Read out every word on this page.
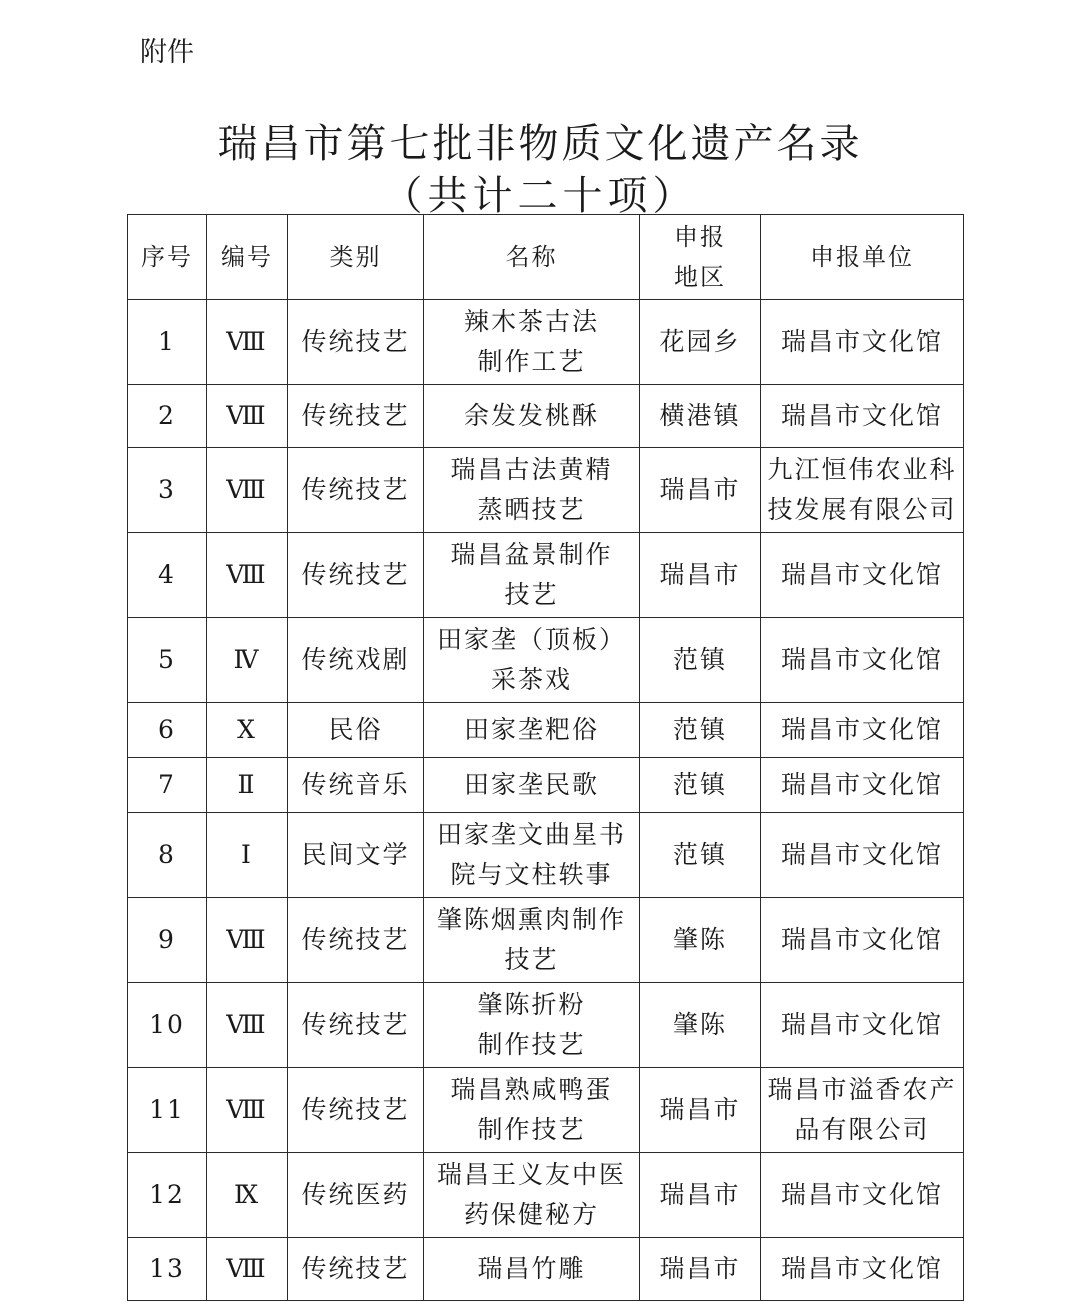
附件
瑞昌市第七批非物质文化遗产名录
（共计二十项）
序号	编号	类别	名称	申报
地区	申报单位
1	Ⅷ	传统技艺	辣木茶古法
制作工艺	花园乡	瑞昌市文化馆

2	Ⅷ	传统技艺	余发发桃酥	横港镇	瑞昌市文化馆

3	Ⅷ	传统技艺	瑞昌古法黄精
蒸晒技艺	瑞昌市	九江恒伟农业科
技发展有限公司

4	Ⅷ	传统技艺	瑞昌盆景制作
技艺	瑞昌市	瑞昌市文化馆

5	Ⅳ	传统戏剧	田家垄（顶板）
采茶戏	范镇	瑞昌市文化馆

6	Ⅹ	民俗	田家垄粑俗	范镇	瑞昌市文化馆

7	Ⅱ	传统音乐	田家垄民歌	范镇	瑞昌市文化馆

8	Ⅰ	民间文学	田家垄文曲星书
院与文柱轶事	范镇	瑞昌市文化馆

9	Ⅷ	传统技艺	肇陈烟熏肉制作
技艺	肇陈	瑞昌市文化馆

10	Ⅷ	传统技艺	肇陈折粉
制作技艺	肇陈	瑞昌市文化馆

11	Ⅷ	传统技艺	瑞昌熟咸鸭蛋
制作技艺	瑞昌市	瑞昌市溢香农产
品有限公司

12	Ⅸ	传统医药	瑞昌王义友中医
药保健秘方	瑞昌市	瑞昌市文化馆

13	Ⅷ	传统技艺	瑞昌竹雕	瑞昌市	瑞昌市文化馆
